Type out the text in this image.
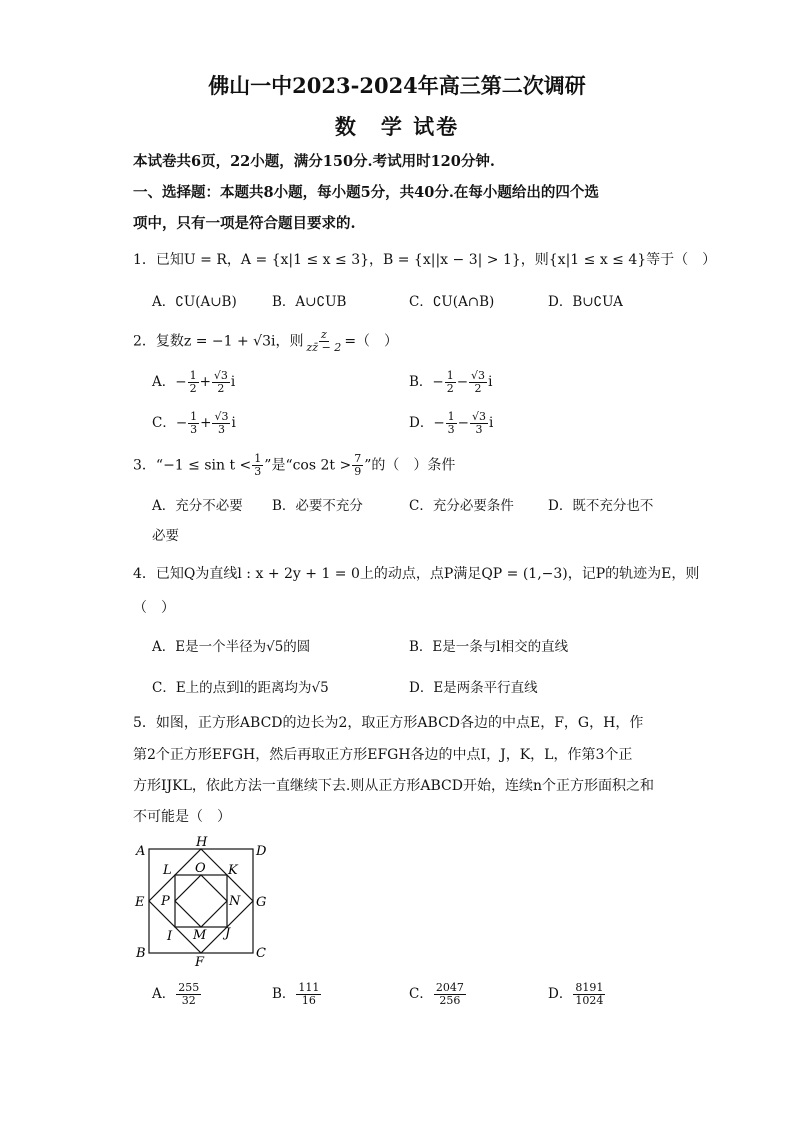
佛山一中2023-2024年高三第二次调研
数　学 试卷
本试卷共6页，22小题，满分150分.考试用时120分钟.
一、选择题：本题共8小题，每小题5分，共40分.在每小题给出的四个选
项中，只有一项是符合题目要求的.
1．已知U = R，A = {x|1 ≤ x ≤ 3}，B = {x||x − 3| > 1}，则{x|1 ≤ x ≤ 4}等于（　）
A．∁U(A∪B)	B．A∪∁UB	C．∁U(A∩B)	D．B∪∁UA
2．复数z = −1 + √3i，则 $\frac{z}{zz̄ - 2}$ =（　）
A．− $\frac{1}{2} + \frac{√3}{2}$ i	B．− $\frac{1}{2} - \frac{√3}{2}$ i
C．− $\frac{1}{3} + \frac{√3}{3}$ i	D．− $\frac{1}{3} - \frac{√3}{3}$ i
3．“$-1 \le \sin t < \frac{1}{3}$ ”是“cos $2t > \frac{7}{9}$ ”的（　）条件
A．充分不必要 B．必要不充分	C．充分必要条件	D．既不充分也不
必要
4．已知Q为直线l : x + 2y + 1 = 0上的动点，点P满足QP = (1,−3)，记P的轨迹为E，则
（　）
A．E是一个半径为√5的圆	B．E是一条与l相交的直线
C．E上的点到l的距离均为√5	D．E是两条平行直线
5．如图，正方形ABCD的边长为2，取正方形ABCD各边的中点E，F，G，H，作
第2个正方形EFGH，然后再取正方形EFGH各边的中点I，J，K，L，作第3个正
方形IJKL，依此方法一直继续下去.则从正方形ABCD开始，连续n个正方形面积之和
不可能是（　）
A	D
H
L O K
E P	N G
I M J
B
F
C
A． $\frac{255}{32}$	B． $\frac{111}{16}$	C． $\frac{2047}{256}$	D． $\frac{8191}{1024}$
